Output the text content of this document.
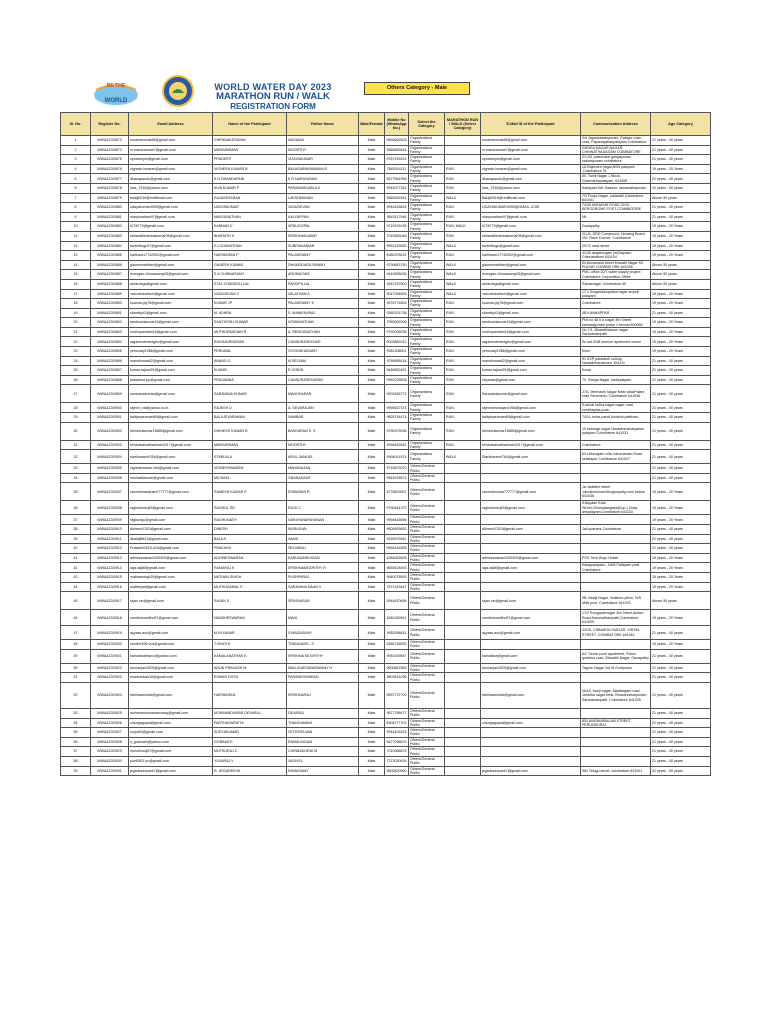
BE THE
WORLD
WORLD WATER DAY 2023
MARATHON RUN / WALK
REGISTRATION FORM
Others Category - Male
Sl. No.	Register No.	Email Address	Name of the Participant	Father Name	Male/Female	Mobile No (WhatsApp No.)	Select the Category	MARATHON RUN / WALK (Select Category)	E-Mail ID of the Participant	Communication Address	Age Category
1	WWA&23/0870	hosanrenivas98@gmail.com	CHENNAKESAVAN	NAGAIAH	Male	9659692628	Organizations Family		hosanrenivas98@gmail.com	3/4 Japaneswanpuram, Palayur main road, Papanayakanpalayam Coimbatore	21 years - 40 years
2	WWA&23/0872	m.manivarman7@gmail.com	MANIVARMAN	MOORTHY	Male	9865663454	Organizations Family		m.manivarman7@gmail.com	GANGA NAGAR NAGAR, CHINNATHADAGAM COIMBATORE	21 years - 40 years
3	WWA&23/0875	spradeeptv@gmail.com	PRADEEP	VIJAYAKUMAR	Male	9787153915	Organizations Family		spradeeptv@gmail.com	2/1-B1 pasumalai gangapuram sakarapuram coimbatore	21 years - 40 years
4	WWA&23/0876	vignesh.kmarav@gmail.com	VIGNESH KUMAR B	BALASUBRAMANIAN R	Male	7845314211	Organizations Family	RUN	vignesh.kmarav@gmail.com	18,Rajendra nagar,NSN palayam ,Coimbatore 31	19 years - 20 Years
5	WWA&23/0877	dhanapandu@gmail.com	K N DHANDAPANI	K R NARAYANAN	Male	9677861996	Organizations Family	RUN	dhanapandu@gmail.com	60, Tamil Nagar 1 Block, Gowmaranpalayam, 641006	21 years - 40 years
6	WWA&23/0878	kiva_7435@yahoo.com	KIVA KUMAR P	PARAMASIVAM A K	Male	9943077351	Organizations Family	RUN	kiva_7435@yahoo.com	Kalaiyaal Kal, Kadalur, ramanathapuram	41 years - 50 years
7	WWA&23/0879	balaji0016@rediffmail.com	RAJASEKARAN	LAKSHMANAN	Male	9865052481	Organizations Family	WALK	Balaji0016@rediffmail.com	7/3 Pooja Nagar, vadavalli Coimbatore 641041	Above 50 years
8	WWA&23/0880	udayakumar4099@gmail.com	UDAYAKUMAR	VASUDEVAN	Male	9944418815	Organizations Family	RUN	UDAYAKUMAR4099@GMAIL.COM	74/39 AVINASHI ROAD CIVIL AERODROME POST COIMBATORE	21 years - 40 years
9	WWA&23/0881	manjunathan07@gmail.com	MANJUNATHAN	KALYAPPAN	Male	9843117948	Organizations Family	RUN	manjunathan07@gmail.com	Nil	21 years - 40 years
10	WWA&23/0882	k726779@gmail.com	KANNAN V	VENUGOPAL	Male	9715109135	Organizations Family	RUN, WALK	k726779@gmail.com	Ganapathy	19 years - 20 Years
11	WWA&23/0883	sbharathkrishnakumar06@gmail.com	BHARATH K	KRISHNAKUMAR	Male	7010553046	Organizations Family	RUN	sbharathkrishnakumar06@gmail.com	2/1-B, DRD Compound, Housing Board Vtd, Race Course, Coimbatore	19 years - 20 Years
12	WWA&23/0884	karthiklogu07@gmail.com	S LOGANATHAN	SUBRAMANIAN	Male	9952193630	Organizations Family	WALK	karthiklogu@gmail.com	207/2 west street	19 years - 20 Years
13	WWA&23/0885	harihara17742002@gmail.com	HARIHARAN P	PALANISAMY	Male	6380378432	Organizations Family	RUN	hariharan17742002@gmail.com	4/140 angakongan (m)Saydam Chinnakatheri 641104	19 years - 20 Years
14	WWA&23/0886	ganeshnathlkm@gmail.com	GANESH KUMAR	DHAMODARA SWAMY	Male	9790683750	Organizations Family	WALK	ganeshnathlkm@gmail.com	64 Annamalai street bharath Nagar KK PUDUR COIMBATORE 641038	Above 50 years
15	WWA&23/0887	murugan.chinnasamy05@gmail.com	S A CHINNASAMY	ARUMUGAM	Male	9442895026	Organizations Family	WALK	murugan.chinnasamy05@gmail.com	PMC office 20/7 water supply project Coimbatore Corporation Office	Above 50 years
16	WWA&23/0888	ashkmega@gmail.com	ETAL CHANDOLI LAL	PAKKIPILLAI	Male	9442757600	Organizations Family	WALK	ashkmega@gmail.com	Ramanagar, Coimbatore 45	Above 50 years
17	WWA&23/0889	vasudevkalla44@gmail.com	VASUDEVAN V	VALATHAN A	Male	9047394699	Organizations Family	WALK	vasudevkalla44@gmail.com	17 c Singanallurpalani nagar ampull palayam	19 years - 20 Years
18	WWA&23/0890	kuamar.jay78@gmail.com	KUMAR JP	PALANISAMY K	Male	9578774804	Organizations Family	RUN	kuamar.jay78@gmail.com	Coimbatore	19 years - 20 Years
19	WWA&23/0891	shantkp42@gmail.com	M. ADHRA	S. MANIKKARAJ	Male	9360331738	Organizations Family	RUN	shantkp42@gmail.com	4B KANNAPPAR	21 years - 40 years
20	WWA&23/0892	santhoshkumar18@gmail.com	SANTHOSH KUMAR	VISWANATHAN	Male	7550052006	Organizations Family	RUN	santhoshkumar18@gmail.com	Plot no 48 b a nagar 4th Street kamarajpuram pudur Chennai 600068	19 years - 20 Years
21	WWA&23/0893	muthupandian18@gmail.com	MUTHUPANDIAN R	A. RENGANATHAN	Male	9790036036	Organizations Family	RUN	muthupandian18@gmail.com	No 7/1, Bharathidasan nagar Saravanampatti	19 years - 20 Years
22	WWA&23/0894	ragavendhraraghu@gmail.com	RAGHAVENDRAN	CHANDRASEKHAR	Male	9003882012	Organizations Family	RUN	ragavendhraraghu@gmail.com	Sri sai ENB avenue apartment venue	19 years - 20 Years
23	WWA&23/0895	perumaly1986@gmail.com	PERUMAL	GOVINDHASAMY	Male	9381308501	Organizations Family	RUN	perumaly1986@gmail.com	Kinki	19 years - 20 Years
24	WWA&23/0896	manokumar82@gmail.com	ANAND G	M.SELVAM	Male	9789655118	Organizations Family	RUN	manokumar82@gmail.com	91 EXP paradesh colony, Narasimhanaicken. 641111	21 years - 40 years
25	WWA&23/0897	kumar.rajesh01@gmail.com	KUMAR	R GOBIN	Male	9489852491	Organizations Family	RUN	kumar.rajesh01@gmail.com	Kovai	21 years - 40 years
26	WWA&23/0898	prasanna.pp@gmail.com	PRASANNA	CHANDRASEKARAN	Male	9952105508	Organizations Family	RUN	shyadav@gmail.com	70, Ranga Nagar, kadipalayam	21 years - 40 years
27	WWA&23/0899	saravanakumar@gmail.com	SARAVANA KUMAR	MANOHARAN	Male	9901556773	Organizations Family	RUN	Saravanakumar@gmail.com	27A, Meenachi Nagar Near vadaPalani road Semmedu, Coimbatore 641046	21 years - 40 years
28	WWA&23/0900	rajesh_val@yahoo.co.in	RAJESH D	A. DEVARAJAN	Male	9994527374	Organizations Family	RUN	rajeshdevarajan1966@gmail.com	S.annai Indira nagar nager road vendhayala pudu	21 years - 40 years
29	WWA&23/0901	balajeyaraman89@gmail.com	BALAJEYARAMAN	NAMBAR	Male	9825744474	Organizations Family	RUN	balajeyaraman89@gmail.com	7424, selva pandi koottchi pattinam	21 years - 40 years
30	WWA&23/0902	dhineshkumar16885@gmail.com	DHINESH KUMAR B	BASKARAN S. S	Male	9750379038	Organizations Family	RUN	dhineshkumar16885@gmail.com	10 karunga nagar Narasimmanaiyakan palayam Coimbatore 641031	21 years - 40 years
31	WWA&23/0903	srinivasarcartsalvam2017@gmail.com	MANIVARMAN	MOORTHY	Male	9994615542	Organizations Family	RUN	srinivasarcartsalvam2017@gmail.com	Coimbatore	21 years - 40 years
32	WWA&23/0904	starlinaravel784@gmail.com	STARLIN A	ARUL SAMUEL	Male	9994041974	Organizations Family	WALK	Starlinaravel784@gmail.com	63 chinnayam villa, karumanam Road vellalapur Coimbatore 641027	21 years - 40 years
33	WWA&23/0905	vigneshwaran.cbd@gmail.com	VIGNESHWARAN	MAHARAJAN	Male	9715679070	Others/General Public				21 years - 40 years
34	WWA&23/0906	michaeltackan@gmail.com	MICHAEL	GNANASAMY	Male	9944978673	Others/General Public				21 years - 40 years
35	WWA&23/0907	ramesheswaram777777@gmail.com	RAMESH KUMAR E	ESWARAN R	Male	8778829057	Others/General Public		rameshkumar777777@gmail.com	Ja Jadeline street ,ramakrishnan4tiruganpady,coim batore 641036	19 years - 20 Years
36	WWA&23/0908	raghukirub@9@gmail.com	RAGHUL RD	RAJU C	Male	9790444707	Others/General Public		raghukirub@9@gmail.com	5,Bayaan Kaal Street,Chinnadangarai(Kup.),Oday ampalayam,Coimbatore,641103	19 years - 20 Years
37	WWA&23/0909	raghuraju@gmail.com	RAGHUNATH	NARAYANARAYANAN	Male	9994818696	Others/General Public				19 years - 20 Years
38	WWA&23/0910	dhinesh7002@gmail.com	DINESH	MURUGAN	Male	9600693692	Others/General Public		dhinesh7002@gmail.com	Jail quarters Coimbatore	21 years - 40 years
39	WWA&23/0911	dbalaji8813@gmail.com	BALAJI	VAASI	Male	9150575942	Others/General Public				21 years - 40 years
40	WWA&23/0912	Prakash03011415@gmail.com	PRAKASH	SELVARAJ	Male	9994444895	Others/General Public				21 years - 40 years
41	WWA&23/0913	adhineswaran2209303@gmail.com	ADHINESWARAN	KARUNANDHIGAN	Male	6384052628	Others/General Public		adhineswaran2209303@gmail.com	PSG Tech Boys Hostel	19 years - 20 Years
42	WWA&23/0914	raja.raj88@gmail.com	RAMARAJ K	KRISHNAMOORTHY R	Male	9655424693	Others/General Public		raja.raj88@gmail.com	Kalappalayam - NAR Pallayam post. Coimbatore	19 years - 20 Years
43	WWA&23/0915	mathansingh26@gmail.com	MATHAN SINGH	PUSHPARAJ	Male	9840078593	Others/General Public				19 years - 20 Years
44	WWA&23/0916	mattheyat@gmail.com	MUTHUSAMAL S	SARAVANA NAAN V	Male	7871315447	Others/General Public				19 years - 20 Years
45	WWA&23/0917	rajan.csr@gmail.com	RAJAN S	SRINIVASAN	Male	9944870696	Others/General Public		rajan.csr@gmail.com	5B, Balaji Nagar, Vellalore pirivu, N/S Mills post, Coimbatore 641023	Above 50 years
46	WWA&23/0918	nandhesvsrithu57@gmail.com	NANDHESWARAN	MANI	Male	6381050911	Others/General Public		nandhesvsrithu57@gmail.com	17/2 Rungavalinagar 3rd Street,Ambur Road,Karumathampatti,Coimbatore 641659	19 years - 20 Years
47	WWA&23/0919	ayyass.aoo@gmail.com	M.AYYANAR	S.MADASAMY	Male	9952498611	Others/General Public		ayyass.aoo@gmail.com	4/215, CINNAKSU NAGAR, VIDYAL STREET, COIMBATORE 641061	21 years - 40 years
48	WWA&23/0920	vinoth1995.vvd@gmail.com	T.VINOTH	THANGAVEL .S	Male	6380748535	Others/General Public				19 years - 20 Years
49	WWA&23/0921	kamalanathan.k@yahoo.com	KAMALANATHAN K	KRISHNA MOORTHY	Male	9940159547	Others/General Public		kamalkna@gmail.com	A2: Sema court apartment, Police quarters road, Bharathi Nagar, Ganapathy	21 years - 40 years
50	WWA&23/0922	arunanjan2929@gmail.com	ARUN PRAKASH M	MALLIKARJUNASWAMY H	Male	9600887663	Others/General Public		arunanjan2929@gmail.com	Tagore Nagar 3rd St Oodipudur	21 years - 40 years
51	WWA&23/0923	eswaradoss16@gmail.com	ESWAR DOSS	PARAMESWARAN	Male	9803614296	Others/General Public				21 years - 40 years
52	WWA&23/0924	hariharansilva@gmail.com	HARIHARAN	KRISHNARAJ	Male	9597737700	Others/General Public		hariharansilva@gmail.com	No18, Kanji nagar, Madalagam road, Janatha nagar west, Bhavanishanpuram, Saravanampatti, Coimbatore 641035	21 years - 40 years
53	WWA&23/0925	mohamedumaradevaraj@gmail.com	MOHAMADUMAR DEVARAJ	DEVARAJ	Male	9677786677	Others/General Public				21 years - 40 years
54	WWA&23/0926	changagopal@gmail.com	PARTHASARATHI	THANGAMANI	Male	6904277701	Others/General Public		changagopal@gmail.com	853 AVARAMBALAM STREET PERUNDURAI	21 years - 40 years
55	WWA&23/0927	surya92@gmail.com	SURYAKUMAR	VETRIVELVAN	Male	9944401815	Others/General Public				21 years - 40 years
56	WWA&23/0928	s_gobinath@yahoo.com	GOBINATH	RAMALINGAM	Male	9677096679	Others/General Public				21 years - 40 years
57	WWA&23/0929	muruthuraj57@gmail.com	MUTHURAJ C	CHINNADURAI M	Male	7010086675	Others/General Public				21 years - 40 years
58	WWA&23/0930	yuvi0502.yv@gmail.com	YUVARAJ V	VADIVEL	Male	7373030934	Others/General Public				21 years - 40 years
59	WWA&23/0931	jegadeeshpark7@gmail.com	R. JEGADEESH	RAMASAMY	Male	9600820060	Others/General Public		jegadeeshpark7@gmail.com	381 Telugu street, coimbatore 641001	41 years - 50 years
